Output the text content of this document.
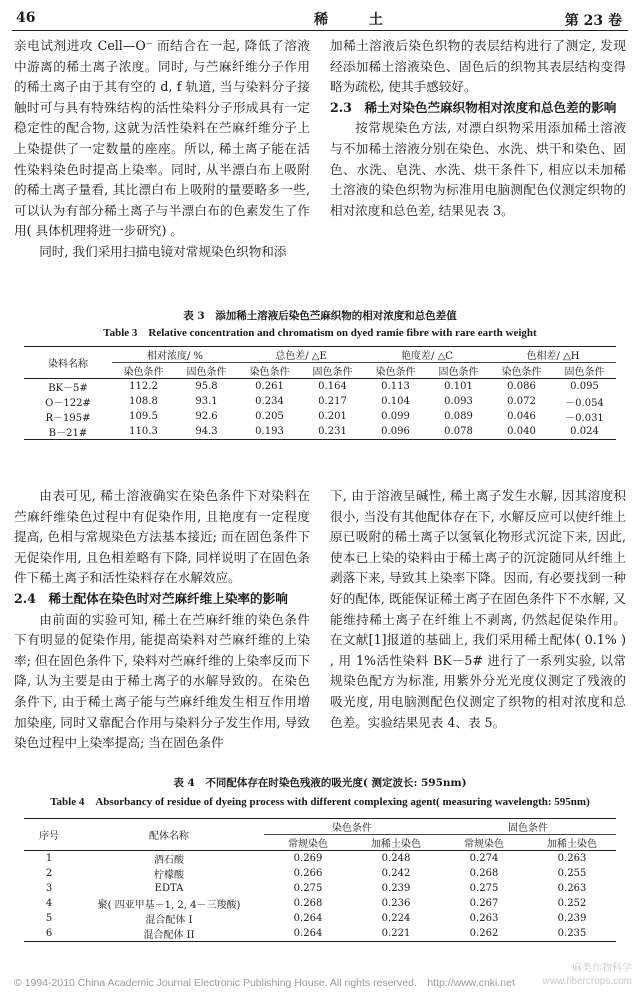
46	稀 土	第 23 卷

亲电试剂进攻 Cell—O⁻ 而结合在一起, 降低了溶液中游离的稀土离子浓度。同时, 与苎麻纤维分子作用的稀土离子由于其有空的 d, f 轨道, 当与染料分子接触时可与具有特殊结构的活性染料分子形成具有一定稳定性的配合物, 这就为活性染料在苎麻纤维分子上上染提供了一定数量的座座。所以, 稀土离子能在活性染料染色时提高上染率。同时, 从半漂白布上吸附的稀土离子量看, 其比漂白布上吸附的量要略多一些, 可以认为有部分稀土离子与半漂白布的色素发生了作用( 具体机理将进一步研究) 。

同时, 我们采用扫描电镜对常规染色织物和添

加稀土溶液后染色织物的表层结构进行了测定, 发现经添加稀土溶液染色、固色后的织物其表层结构变得略为疏松, 使其手感较好。

2.3　稀土对染色苎麻织物相对浓度和总色差的影响

按常规染色方法, 对漂白织物采用添加稀土溶液与不加稀土溶液分别在染色、水洗、烘干和染色、固色、水洗、皂洗、水洗、烘干条件下, 相应以未加稀土溶液的染色织物为标准用电脑测配色仪测定织物的相对浓度和总色差, 结果见表 3。

表 3　添加稀土溶液后染色苎麻织物的相对浓度和总色差值
Table 3　Relative concentration and chromatism on dyed ramie fibre with rare earth weight
染料名称	相对浓度/ %		总色差/ △E		艳度差/ △C		色相差/ △H	
	染色条件	固色条件	染色条件	固色条件	染色条件	固色条件	染色条件	固色条件
BK－5#	112.2	95.8	0.261	0.164	0.113	0.101	0.086	0.095
O－122#	108.8	93.1	0.234	0.217	0.104	0.093	0.072	－0.054
R－195#	109.5	92.6	0.205	0.201	0.099	0.089	0.046	－0.031
B－21#	110.3	94.3	0.193	0.231	0.096	0.078	0.040	0.024

由表可见, 稀土溶液确实在染色条件下对染料在苎麻纤维染色过程中有促染作用, 且艳度有一定程度提高, 色相与常规染色方法基本接近; 而在固色条件下无促染作用, 且色相差略有下降, 同样说明了在固色条件下稀土离子和活性染料存在水解效应。

2.4　稀土配体在染色时对苎麻纤维上染率的影响

由前面的实验可知, 稀土在苎麻纤维的染色条件下有明显的促染作用, 能提高染料对苎麻纤维的上染率; 但在固色条件下, 染料对苎麻纤维的上染率反而下降, 认为主要是由于稀土离子的水解导致的。在染色条件下, 由于稀土离子能与苎麻纤维发生相互作用增加染座, 同时又靠配合作用与染料分子发生作用, 导致染色过程中上染率提高; 当在固色条件

下, 由于溶液呈碱性, 稀土离子发生水解, 因其溶度积很小, 当没有其他配体存在下, 水解反应可以使纤维上原已吸附的稀土离子以氢氧化物形式沉淀下来, 因此, 使本已上染的染料由于稀土离子的沉淀随同从纤维上剥落下来, 导致其上染率下降。因而, 有必要找到一种好的配体, 既能保证稀土离子在固色条件下不水解, 又能维持稀土离子在纤维上不剥离, 仍然起促染作用。在文献[1]报道的基础上, 我们采用稀土配体( 0.1% ) , 用 1%活性染料 BK－5# 进行了一系列实验, 以常规染色配方为标准, 用紫外分光光度仪测定了残液的吸光度, 用电脑测配色仪测定了织物的相对浓度和总色差。实验结果见表 4、表 5。

表 4　不同配体存在时染色残液的吸光度( 测定波长: 595nm)
Table 4　Absorbancy of residue of dyeing process with different complexing agent( measuring wavelength: 595nm)
序号	配体名称	染色条件		固色条件	
		常规染色	加稀土染色	常规染色	加稀土染色
1	酒石酸	0.269	0.248	0.274	0.263
2	柠檬酸	0.266	0.242	0.268	0.255
3	EDTA	0.275	0.239	0.275	0.263
4	聚( 四亚甲基－1, 2, 4－三羧酸)	0.268	0.236	0.267	0.252
5	混合配体 I	0.264	0.224	0.263	0.239
6	混合配体 II	0.264	0.221	0.262	0.235
© 1994-2010 China Academic Journal Electronic Publishing House. All rights reserved.　http://www.cnki.net
麻类作物科学
www.fibercrops.com
